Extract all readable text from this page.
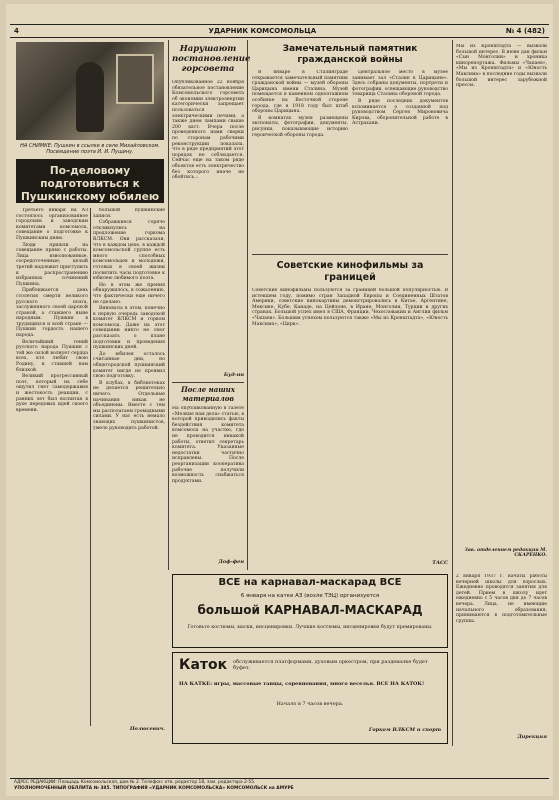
4	УДАРНИК КОМСОМОЛЬЦА	№ 4 (482)
НА СНИМКЕ: Пушкин в ссылке в селе Михайловском. Посвящение поэта И. И. Пущину.
По-деловому подготовиться к Пушкинскому юбилею

Третьего января на АЗ состоялось организованное городским и заводским комитетами комсомола, совещание о подготовке к Пушкинским дням.

Люди пришли на совещание прямо с работы. Лица взволнованные, сосредоточенные; целый третий надлежит приступить к распространению избранных сочинений Пушкина.

Приближается день столетия смерти великого русского поэта, заслуженного своей царской страной, а ставшего ныне народным. Пушкин в трудящихся и всей стране — Пушкин гордость нашего народа.

Величайший гений русского народа Пушкин с той же силой волнует сердца всех, кто любит свою Родину, и ставшей нам близкой.

Великий прогрессивный поэт, который на себе ощутил гнет самодержавия и жестокость реакции, с ранних лет был воспитан в духе передовых идей своего времени.

большой пушкинские записи.

Собравшиеся горячо откликнулись на предложение горкома ВЛКСМ. Они рассказали, что в каждом цехе, в каждой комсомольской группе есть много способных комсомольцев и молодежи, готовых в своей жизни посвятить часы подготовке к юбилею любимого поэта.

Но в этом же прения обнаружилось, к сожалению, что фактически еще ничего не сделано.

Виноваты в этом, конечно в первую очередь заводской комитет ВЛКСМ и горком комсомола. Даже на этот совещании никто не смог рассказать о плане подготовки и проведения пушкинских дней.

До юбилея осталось считанные дни, но общегородской пушкинский комитет нигде не проявил свою подготовку.

В клубах, в библиотеках не делается решительно ничего. Отдельные начинания никак не объединены. Вместе с тем мы располагаем громадными силами. У нас есть немало знающих пушкинистов, умело руководить работой.

Полюсевич.
Нарушают постановление горсовета
Опубликованное 22 ноября обязательное постановление Комсомольского горсовета об экономии электроэнергии категорически запрещает пользоваться электрическими печами, а также днем лампами свыше 200 ватт. Вчера после проведенного нами сверки по сторонам рабочими реконструкции показала, что в ряде предприятий этот порядок не соблюдается. Сейчас еще на таком ряде объектов есть электричество без которого иначе не обойтись...
Буд-ин
После наших материалов
На опубликованную в газете «Мелкие нам дела» статью, в которой приводились факты бездействия комитета комсомола на участке, где не проводится никакой работы, ответил секретарь комитета. Указанные недостатки частично исправлены. После реорганизации кооператива рабочие получили возможность снабжаться продуктами.
Доф-фен
Замечательный памятник гражданской войны

В январе в Сталинграде открывается замечательный памятник гражданской войны — музей обороны Царицына имени Сталина. Музей помещается в каменном одноэтажном особняке на Восточной стороне города, где в 1918 году был штаб обороны Царицына.

В комнатах музея размещены экспонаты, фотографии, документы, рисунки, показывающие историю героической обороны города.

Центральное место в музее занимает зал «Сталин в Царицыне». Здесь собраны документы, портреты и фотографии, освещающие руководство товарища Сталина обороной города.

В ряде последних документов вспоминается о созданной под руководством Сергея Мироновича Кирова, оборонительной работе в Астрахани.

Советские кинофильмы за границей
Советские кинофильмы пользуются за границей большой популярностью. В истекшем году, помимо стран Западной Европы и Соединенных Штатов Америки, советские кинокартины демонстрировались в Китае, Аргентине, Мексике, Кубе, Канаде, на Цейлоне, в Иране, Монголии, Турции и других странах. Большой успех имел в США, Франции, Чехословакии и Англии фильм «Чапаев». Большим успехом пользуются также «Мы из Кронштадта», «Юность Максима», «Цирк».
ТАСС
Мы из Кронштадта — вызвали большой интерес. В июне дан фильм «Сын Монголии» и хроника кинорепортажа. Фильмы «Чапаев», «Мы из Кронштадта» и «Юность Максима» в последние годы вызвали большой интерес зарубежной прессы.
Зав. отделением редакции М. СКАРЕНКО.
ВСЕ на карнавал-маскарад ВСЕ
6 января на катке АЗ (возле ТЭЦ) организуется
большой КАРНАВАЛ-МАСКАРАД
Готовьте костюмы, маски, инсценировки. Лучшие костюмы, инсценировки будут премированы.
Каток обслуживается платформами, духовым оркестром, при раздевалке будет буфет.
НА КАТКЕ: игры, массовые танцы, соревнования, много веселья. ВСЕ НА КАТОК!
Начало в 7 часов вечера.
Горком ВЛКСМ и спорт
2 января 1937 г. начаты работы вечерней школы для взрослых. Ежедневно проводятся занятия для детей. Прием в школу идет ежедневно с 5 часов дня до 7 часов вечера. Лица, не имеющие начального образования, принимаются в подготовительные группы.
Дирекция
АДРЕС РЕДАКЦИИ: Площадь Комсомольская, дом № 2. Телефон: отв. редактор 18, зам. редактора 2-55.
УПОЛНОМОЧЕННЫЙ ОБЛЛИТА № 385. ТИПОГРАФИЯ «УДАРНИК КОМСОМОЛЬСКА» КОМСОМОЛЬСК на АМУРЕ
